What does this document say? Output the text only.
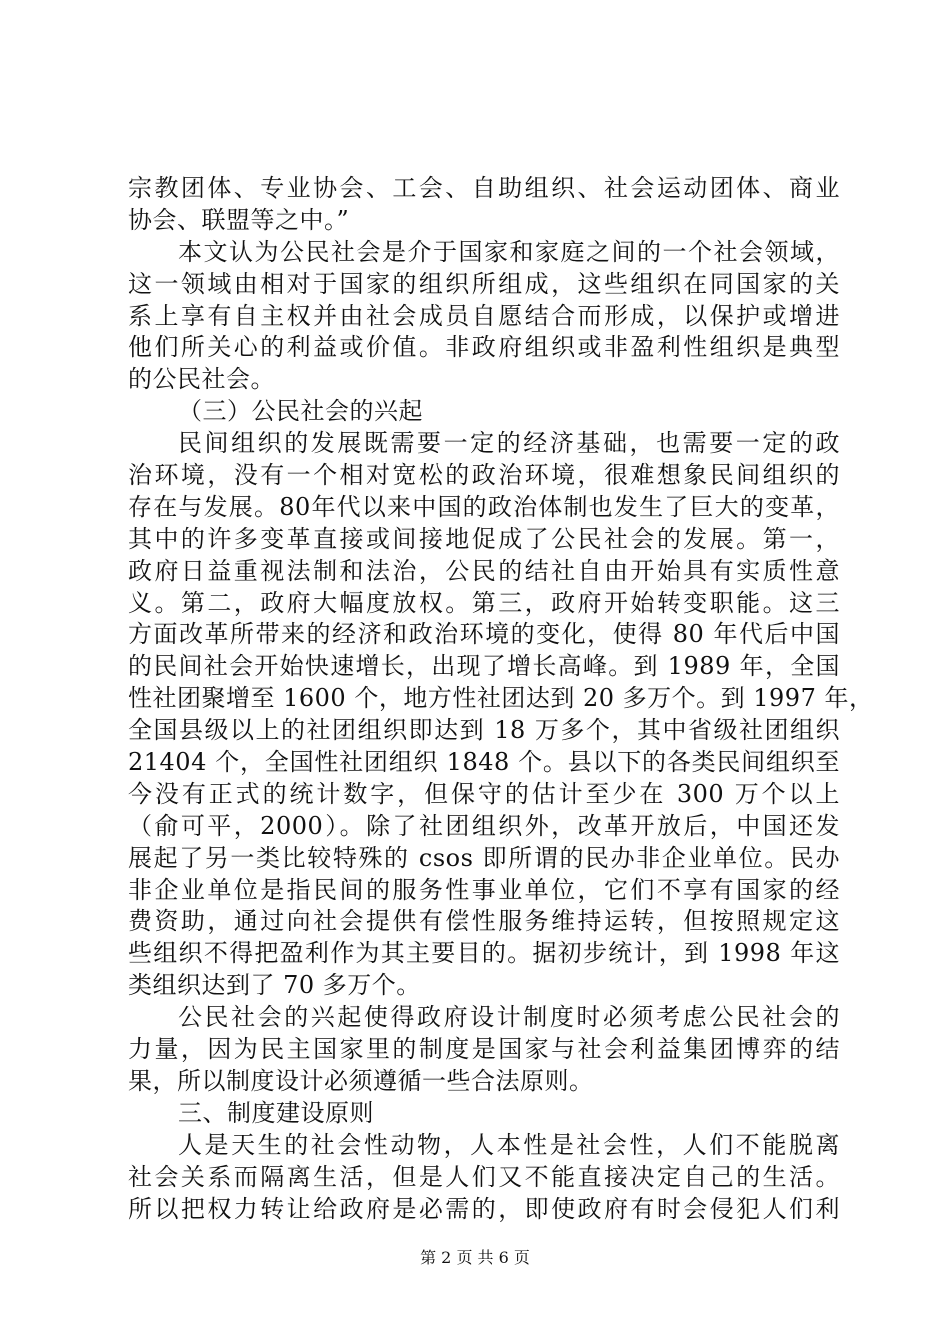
宗教团体、专业协会、工会、自助组织、社会运动团体、商业
协会、联盟等之中。”
本文认为公民社会是介于国家和家庭之间的一个社会领域，
这一领域由相对于国家的组织所组成，这些组织在同国家的关
系上享有自主权并由社会成员自愿结合而形成，以保护或增进
他们所关心的利益或价值。非政府组织或非盈利性组织是典型
的公民社会。
（三）公民社会的兴起
民间组织的发展既需要一定的经济基础，也需要一定的政
治环境，没有一个相对宽松的政治环境，很难想象民间组织的
存在与发展。80年代以来中国的政治体制也发生了巨大的变革，
其中的许多变革直接或间接地促成了公民社会的发展。第一，
政府日益重视法制和法治，公民的结社自由开始具有实质性意
义。第二，政府大幅度放权。第三，政府开始转变职能。这三
方面改革所带来的经济和政治环境的变化，使得 80 年代后中国
的民间社会开始快速增长，出现了增长高峰。到 1989 年，全国
性社团聚增至 1600 个，地方性社团达到 20 多万个。到 1997 年，
全国县级以上的社团组织即达到 18 万多个，其中省级社团组织
21404 个，全国性社团组织 1848 个。县以下的各类民间组织至
今没有正式的统计数字，但保守的估计至少在 300 万个以上
（俞可平，2000）。除了社团组织外，改革开放后，中国还发
展起了另一类比较特殊的 csos 即所谓的民办非企业单位。民办
非企业单位是指民间的服务性事业单位，它们不享有国家的经
费资助，通过向社会提供有偿性服务维持运转，但按照规定这
些组织不得把盈利作为其主要目的。据初步统计，到 1998 年这
类组织达到了 70 多万个。
公民社会的兴起使得政府设计制度时必须考虑公民社会的
力量，因为民主国家里的制度是国家与社会利益集团博弈的结
果，所以制度设计必须遵循一些合法原则。
三、制度建设原则
人是天生的社会性动物，人本性是社会性，人们不能脱离
社会关系而隔离生活，但是人们又不能直接决定自己的生活。
所以把权力转让给政府是必需的，即使政府有时会侵犯人们利
第 2 页 共 6 页
